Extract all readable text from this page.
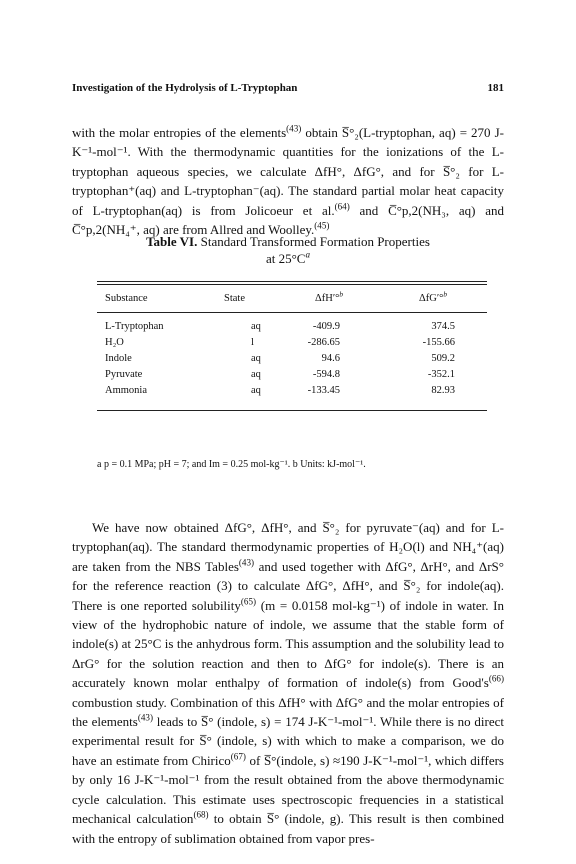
Investigation of the Hydrolysis of L-Tryptophan	181

with the molar entropies of the elements$^{(43)}$ obtain S̅°₂(L-tryptophan, aq) = 270 J-K⁻¹-mol⁻¹. With the thermodynamic quantities for the ionizations of the L-tryptophan aqueous species, we calculate ΔfH°, ΔfG°, and for S̅°₂ for L-tryptophan⁺(aq) and L-tryptophan⁻(aq). The standard partial molar heat capacity of L-tryptophan(aq) is from Jolicoeur et al.$^{(64)}$ and C̅°p,2(NH₃, aq) and C̅°p,2(NH₄⁺, aq) are from Allred and Woolley.$^{(45)}$

Table VI. Standard Transformed Formation Properties
at $25^\circ C^a$
Substance	State	ΔfH′°$^b$	ΔfG′°$^b$
L-Tryptophan	aq	-409.9	374.5
H₂O	l	-286.65	-155.66
Indole	aq	94.6	509.2
Pyruvate	aq	-594.8	-352.1
Ammonia	aq	-133.45	82.93
a p = 0.1 MPa; pH = 7; and Im = 0.25 mol-kg⁻¹. b Units: kJ-mol⁻¹.

We have now obtained ΔfG°, ΔfH°, and S̅°₂ for pyruvate⁻(aq) and for L-tryptophan(aq). The standard thermodynamic properties of H₂O(l) and NH₄⁺(aq) are taken from the NBS Tables$^{(43)}$ and used together with ΔfG°, ΔrH°, and ΔrS° for the reference reaction (3) to calculate ΔfG°, ΔfH°, and S̅°₂ for indole(aq). There is one reported solubility$^{(65)}$ (m = 0.0158 mol-kg⁻¹) of indole in water. In view of the hydrophobic nature of indole, we assume that the stable form of indole(s) at 25°C is the anhydrous form. This assumption and the solubility lead to ΔrG° for the solution reaction and then to ΔfG° for indole(s). There is an accurately known molar enthalpy of formation of indole(s) from $Good's^{(66)}$ combustion study. Combination of this ΔfH° with ΔfG° and the molar entropies of the elements$^{(43)}$ leads to S̅° (indole, s) = 174 J-K⁻¹-mol⁻¹. While there is no direct experimental result for S̅° (indole, s) with which to make a comparison, we do have an estimate from Chirico$^{(67)}$ of S̅°(indole, s) ≈190 J-K⁻¹-mol⁻¹, which differs by only 16 J-K⁻¹-mol⁻¹ from the result obtained from the above thermodynamic cycle calculation. This estimate uses spectroscopic frequencies in a statistical mechanical calculation$^{(68)}$ to obtain S̅° (indole, g). This result is then combined with the entropy of sublimation obtained from vapor pres-
